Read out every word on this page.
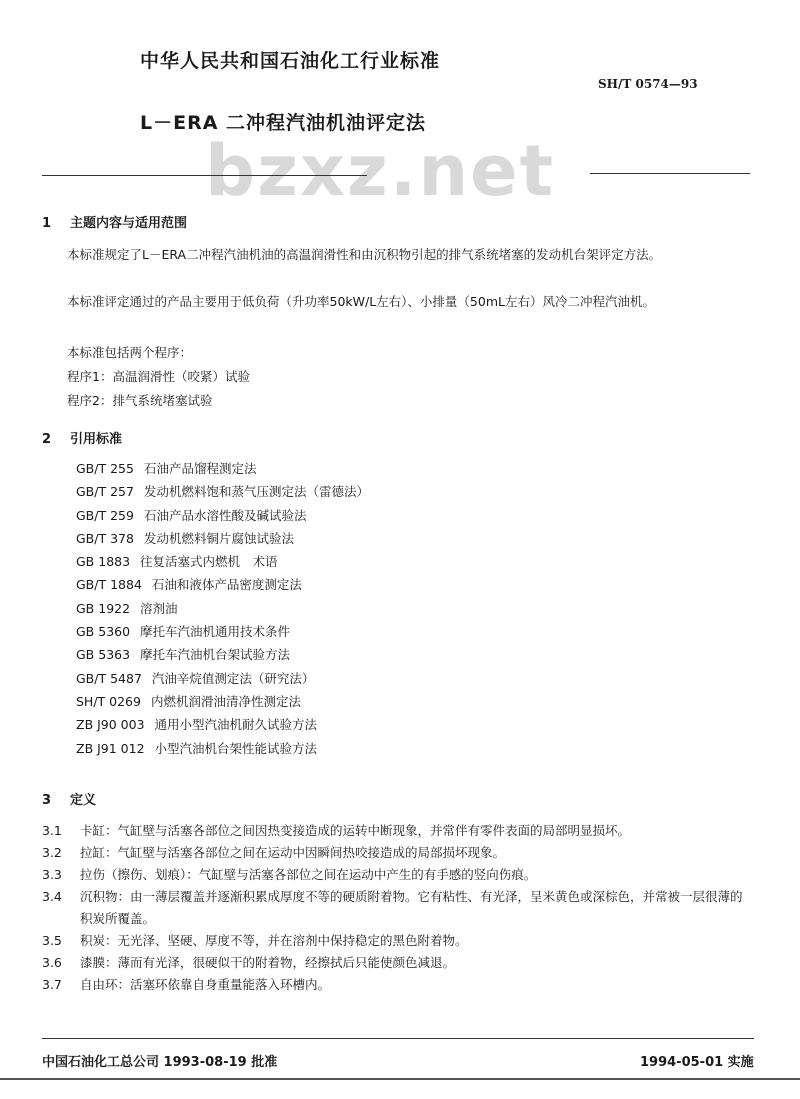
中华人民共和国石油化工行业标准
SH/T 0574—93
L－ERA 二冲程汽油机油评定法
bzxz.net
1 主题内容与适用范围
本标准规定了L－ERA二冲程汽油机油的高温润滑性和由沉积物引起的排气系统堵塞的发动机台架评定方法。
本标准评定通过的产品主要用于低负荷（升功率50kW/L左右）、小排量（50mL左右）风冷二冲程汽油机。
本标准包括两个程序：
程序1：高温润滑性（咬紧）试验
程序2：排气系统堵塞试验
2 引用标准
GB/T 255 石油产品馏程测定法
GB/T 257 发动机燃料饱和蒸气压测定法（雷德法）
GB/T 259 石油产品水溶性酸及碱试验法
GB/T 378 发动机燃料铜片腐蚀试验法
GB 1883 往复活塞式内燃机　术语
GB/T 1884 石油和液体产品密度测定法
GB 1922 溶剂油
GB 5360 摩托车汽油机通用技术条件
GB 5363 摩托车汽油机台架试验方法
GB/T 5487 汽油辛烷值测定法（研究法）
SH/T 0269 内燃机润滑油清净性测定法
ZB J90 003 通用小型汽油机耐久试验方法
ZB J91 012 小型汽油机台架性能试验方法
3 定义
3.1	卡缸：气缸壁与活塞各部位之间因热变接造成的运转中断现象，并常伴有零件表面的局部明显损坏。
3.2	拉缸：气缸壁与活塞各部位之间在运动中因瞬间热咬接造成的局部损坏现象。
3.3	拉伤（擦伤、划痕）：气缸壁与活塞各部位之间在运动中产生的有手感的竖向伤痕。
3.4	沉积物：由一薄层覆盖并逐渐积累成厚度不等的硬质附着物。它有粘性、有光泽，呈米黄色或深棕色，并常被一层很薄的积炭所覆盖。
3.5	积炭：无光泽、坚硬、厚度不等，并在溶剂中保持稳定的黑色附着物。
3.6	漆膜：薄而有光泽，很硬似干的附着物，经擦拭后只能使颜色减退。
3.7	自由环：活塞环依靠自身重量能落入环槽内。
中国石油化工总公司 1993-08-19 批准	1994-05-01 实施
